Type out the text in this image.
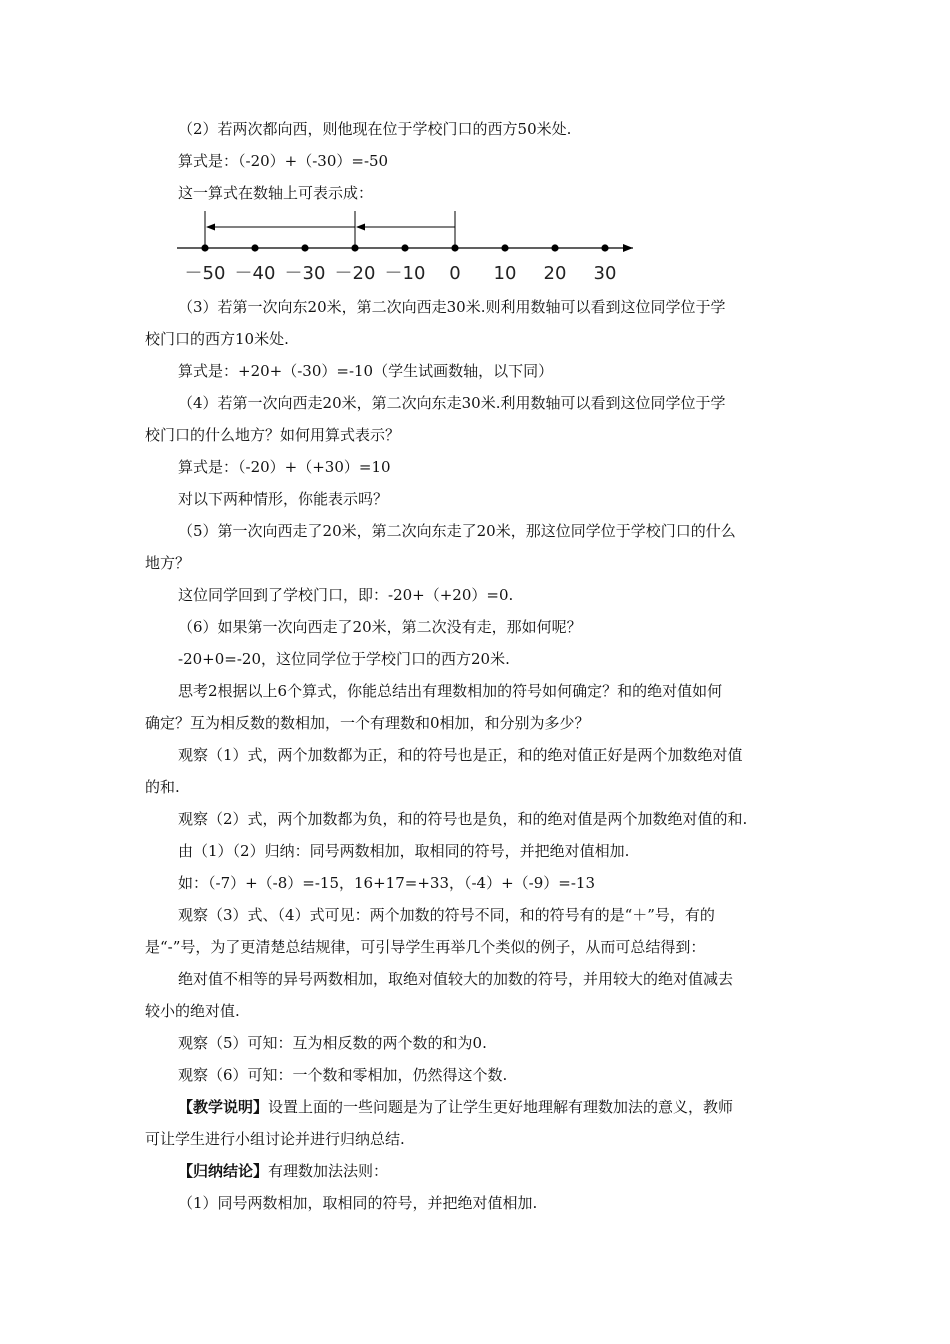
（2）若两次都向西，则他现在位于学校门口的西方50米处.

算式是：（-20）+（-30）=-50

这一算式在数轴上可表示成：

－50 －40 －30 －20 －10 0 10 20 30

（3）若第一次向东20米，第二次向西走30米.则利用数轴可以看到这位同学位于学

校门口的西方10米处.

算式是：+20+（-30）=-10（学生试画数轴，以下同）

（4）若第一次向西走20米，第二次向东走30米.利用数轴可以看到这位同学位于学

校门口的什么地方？如何用算式表示？

算式是：（-20）+（+30）=10

对以下两种情形，你能表示吗？

（5）第一次向西走了20米，第二次向东走了20米，那这位同学位于学校门口的什么

地方？

这位同学回到了学校门口，即：-20+（+20）=0.

（6）如果第一次向西走了20米，第二次没有走，那如何呢？

-20+0=-20，这位同学位于学校门口的西方20米.

思考2根据以上6个算式，你能总结出有理数相加的符号如何确定？和的绝对值如何

确定？互为相反数的数相加，一个有理数和0相加，和分别为多少？

观察（1）式，两个加数都为正，和的符号也是正，和的绝对值正好是两个加数绝对值

的和.

观察（2）式，两个加数都为负，和的符号也是负，和的绝对值是两个加数绝对值的和.

由（1）（2）归纳：同号两数相加，取相同的符号，并把绝对值相加.

如：（-7）+（-8）=-15，16+17=+33，（-4）+（-9）=-13

观察（3）式、（4）式可见：两个加数的符号不同，和的符号有的是“＋”号，有的

是“-”号，为了更清楚总结规律，可引导学生再举几个类似的例子，从而可总结得到：

绝对值不相等的异号两数相加，取绝对值较大的加数的符号，并用较大的绝对值减去

较小的绝对值.

观察（5）可知：互为相反数的两个数的和为0.

观察（6）可知：一个数和零相加，仍然得这个数.

【教学说明】设置上面的一些问题是为了让学生更好地理解有理数加法的意义，教师

可让学生进行小组讨论并进行归纳总结.

【归纳结论】有理数加法法则：

（1）同号两数相加，取相同的符号，并把绝对值相加.
